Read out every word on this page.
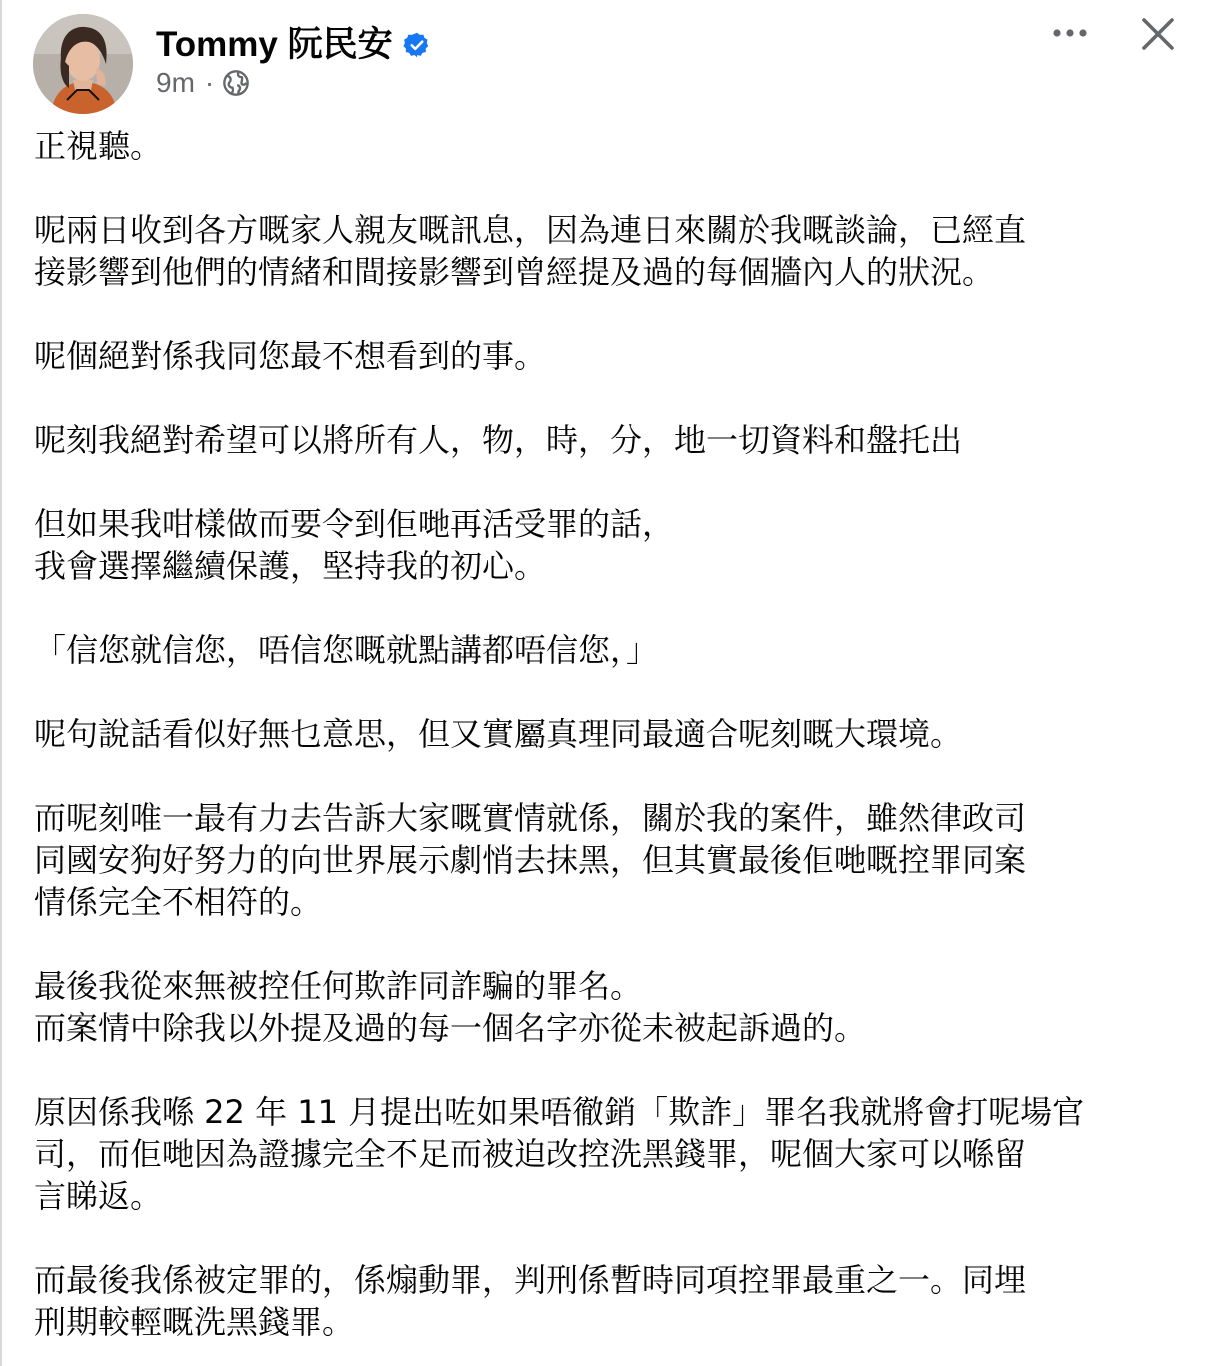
Tommy 阮民安
9m ·
正視聽。
呢兩日收到各方嘅家人親友嘅訊息，因為連日來關於我嘅談論，已經直
接影響到他們的情緒和間接影響到曾經提及過的每個牆內人的狀況。
呢個絕對係我同您最不想看到的事。
呢刻我絕對希望可以將所有人，物，時，分，地一切資料和盤托出
但如果我咁樣做而要令到佢哋再活受罪的話，
我會選擇繼續保護，堅持我的初心。
「信您就信您，唔信您嘅就點講都唔信您，」
呢句說話看似好無乜意思，但又實屬真理同最適合呢刻嘅大環境。
而呢刻唯一最有力去告訴大家嘅實情就係，關於我的案件，雖然律政司
同國安狗好努力的向世界展示劇悄去抹黑，但其實最後佢哋嘅控罪同案
情係完全不相符的。
最後我從來無被控任何欺詐同詐騙的罪名。
而案情中除我以外提及過的每一個名字亦從未被起訴過的。
原因係我喺 22 年 11 月提出咗如果唔徹銷「欺詐」罪名我就將會打呢場官
司，而佢哋因為證據完全不足而被迫改控洗黑錢罪，呢個大家可以喺留
言睇返。
而最後我係被定罪的，係煽動罪，判刑係暫時同項控罪最重之一。同埋
刑期較輕嘅洗黑錢罪。
